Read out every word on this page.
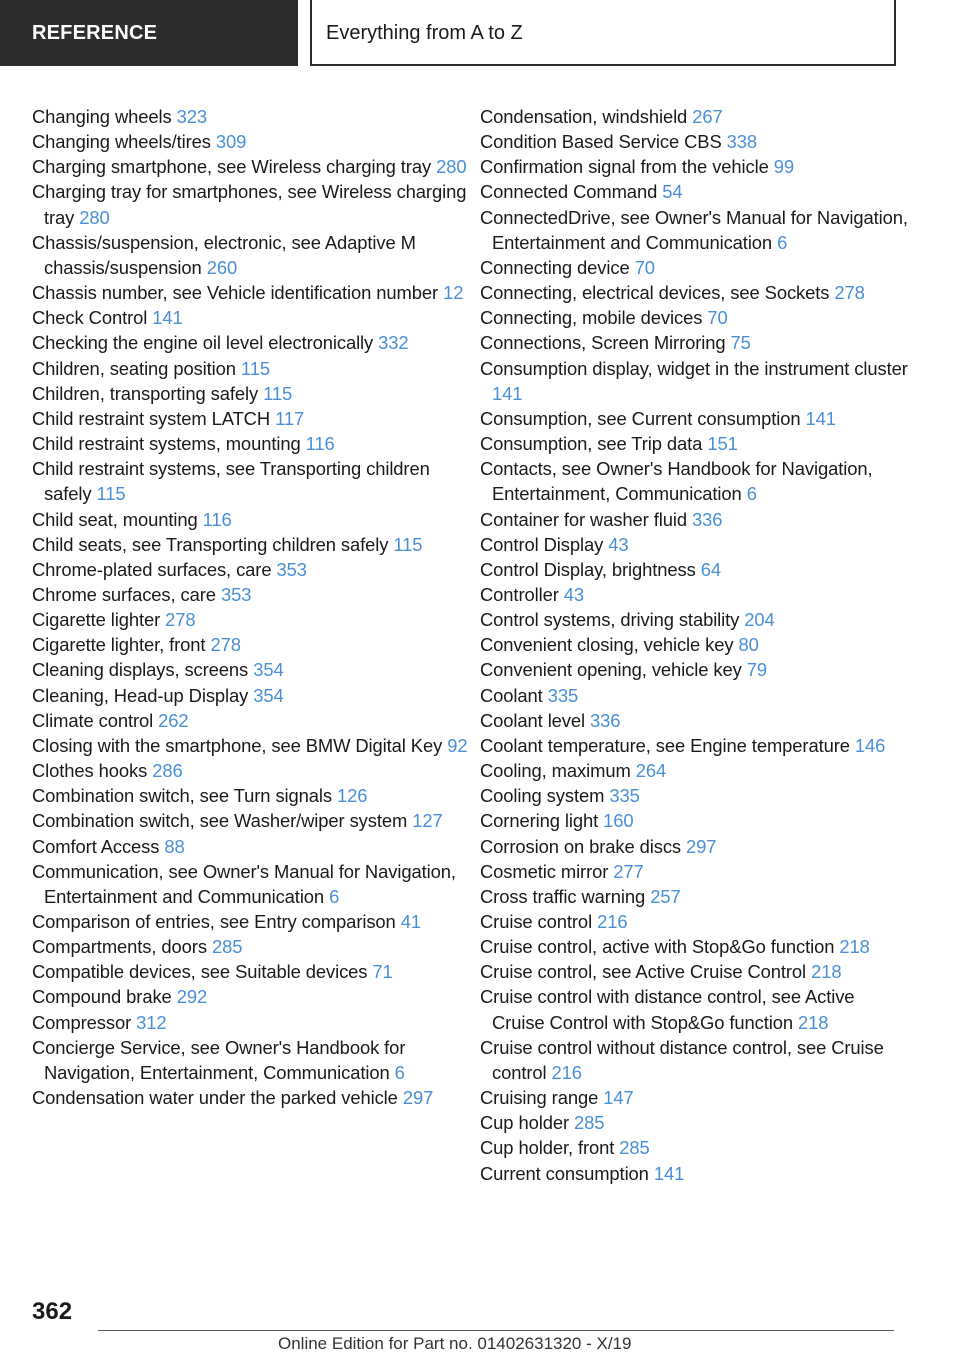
REFERENCE	Everything from A to Z
Changing wheels 323
Changing wheels/tires 309
Charging smartphone, see Wireless charging tray 280
Charging tray for smartphones, see Wireless charging tray 280
Chassis/suspension, electronic, see Adaptive M chassis/suspension 260
Chassis number, see Vehicle identification number 12
Check Control 141
Checking the engine oil level electronically 332
Children, seating position 115
Children, transporting safely 115
Child restraint system LATCH 117
Child restraint systems, mounting 116
Child restraint systems, see Transporting children safely 115
Child seat, mounting 116
Child seats, see Transporting children safely 115
Chrome-plated surfaces, care 353
Chrome surfaces, care 353
Cigarette lighter 278
Cigarette lighter, front 278
Cleaning displays, screens 354
Cleaning, Head-up Display 354
Climate control 262
Closing with the smartphone, see BMW Digital Key 92
Clothes hooks 286
Combination switch, see Turn signals 126
Combination switch, see Washer/wiper system 127
Comfort Access 88
Communication, see Owner's Manual for Navigation, Entertainment and Communication 6
Comparison of entries, see Entry comparison 41
Compartments, doors 285
Compatible devices, see Suitable devices 71
Compound brake 292
Compressor 312
Concierge Service, see Owner's Handbook for Navigation, Entertainment, Communication 6
Condensation water under the parked vehicle 297
Condensation, windshield 267
Condition Based Service CBS 338
Confirmation signal from the vehicle 99
Connected Command 54
ConnectedDrive, see Owner's Manual for Navigation, Entertainment and Communication 6
Connecting device 70
Connecting, electrical devices, see Sockets 278
Connecting, mobile devices 70
Connections, Screen Mirroring 75
Consumption display, widget in the instrument cluster 141
Consumption, see Current consumption 141
Consumption, see Trip data 151
Contacts, see Owner's Handbook for Navigation, Entertainment, Communication 6
Container for washer fluid 336
Control Display 43
Control Display, brightness 64
Controller 43
Control systems, driving stability 204
Convenient closing, vehicle key 80
Convenient opening, vehicle key 79
Coolant 335
Coolant level 336
Coolant temperature, see Engine temperature 146
Cooling, maximum 264
Cooling system 335
Cornering light 160
Corrosion on brake discs 297
Cosmetic mirror 277
Cross traffic warning 257
Cruise control 216
Cruise control, active with Stop&Go function 218
Cruise control, see Active Cruise Control 218
Cruise control with distance control, see Active Cruise Control with Stop&Go function 218
Cruise control without distance control, see Cruise control 216
Cruising range 147
Cup holder 285
Cup holder, front 285
Current consumption 141
362
Online Edition for Part no. 01402631320 - X/19
